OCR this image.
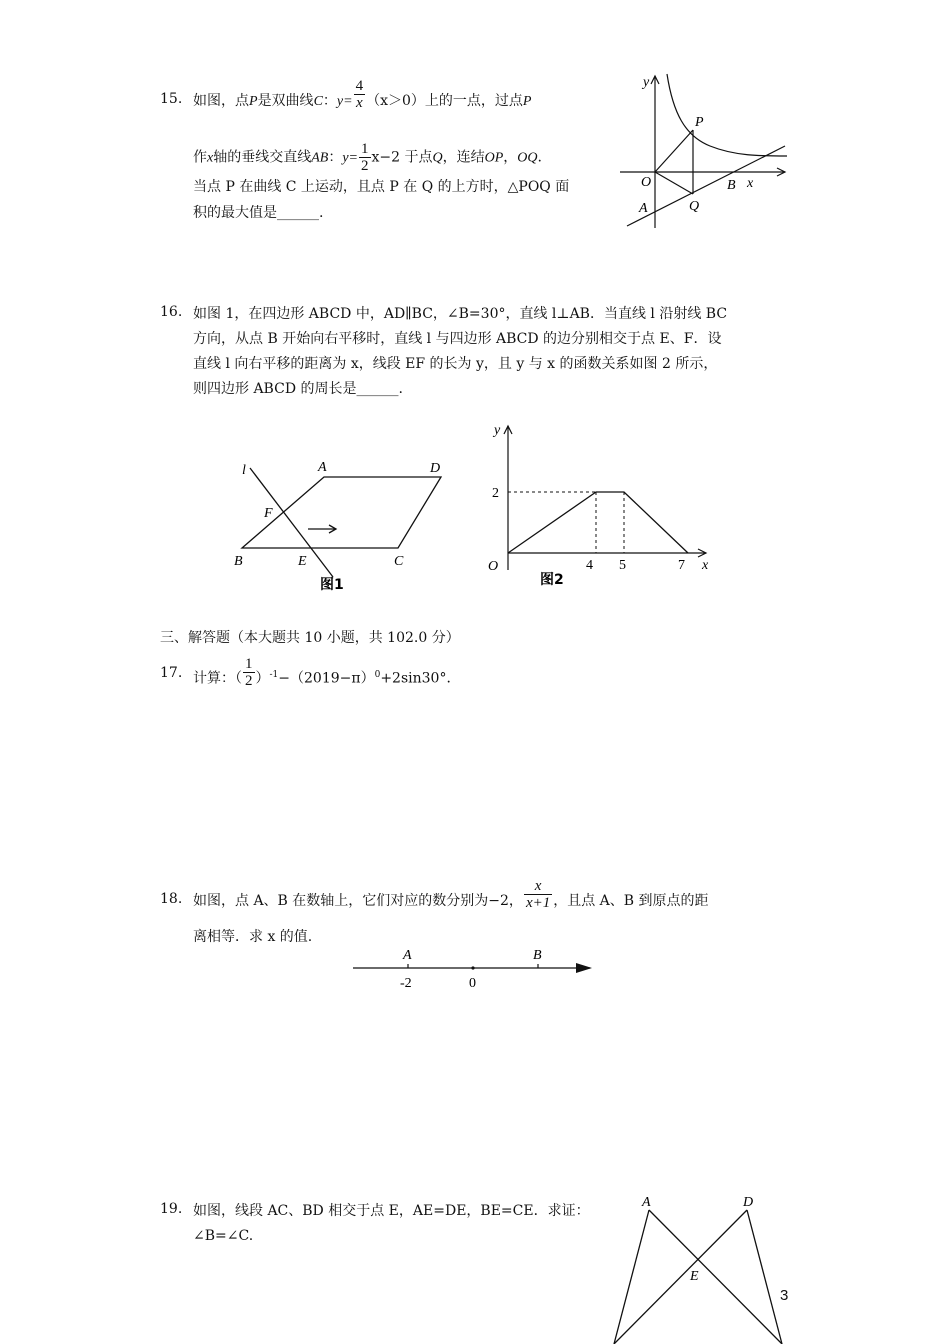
15. 如图，点P是双曲线C：$y= \frac{4}{x} (x>0)$上的一点，过点P
作x轴的垂线交直线AB：$y= \frac{1}{2} x-2$ 于点Q，连结OP，OQ.
当点 P 在曲线 C 上运动，且点 P 在 Q 的上方时，△POQ 面
积的最大值是______.
y
P
O	B x
A	Q
16. 如图 1，在四边形 ABCD 中，AD∥BC，∠B=30°，直线 l⊥AB．当直线 l 沿射线 BC
方向，从点 B 开始向右平移时，直线 l 与四边形 ABCD 的边分别相交于点 E、F．设
直线 l 向右平移的距离为 x，线段 EF 的长为 y，且 y 与 x 的函数关系如图 2 所示，
则四边形 ABCD 的周长是______.
l	A	D
F
B	E	C
图1
y
2
O	4 5	7 x
图2
三、解答题（本大题共 10 小题，共 102.0 分）
17. 计算：（ $\frac{1}{2} )^{-1}-(2019-\pi)^0+2\sin 30^\circ$．
18. 如图，点 A、B 在数轴上，它们对应的数分别为−2， $\frac{x}{x+1}$ ，且点 A、B 到原点的距
离相等．求 x 的值.
A	B
-2	0
19. 如图，线段 AC、BD 相交于点 E，AE=DE，BE=CE．求证：
∠B=∠C.
A	D
E
3
